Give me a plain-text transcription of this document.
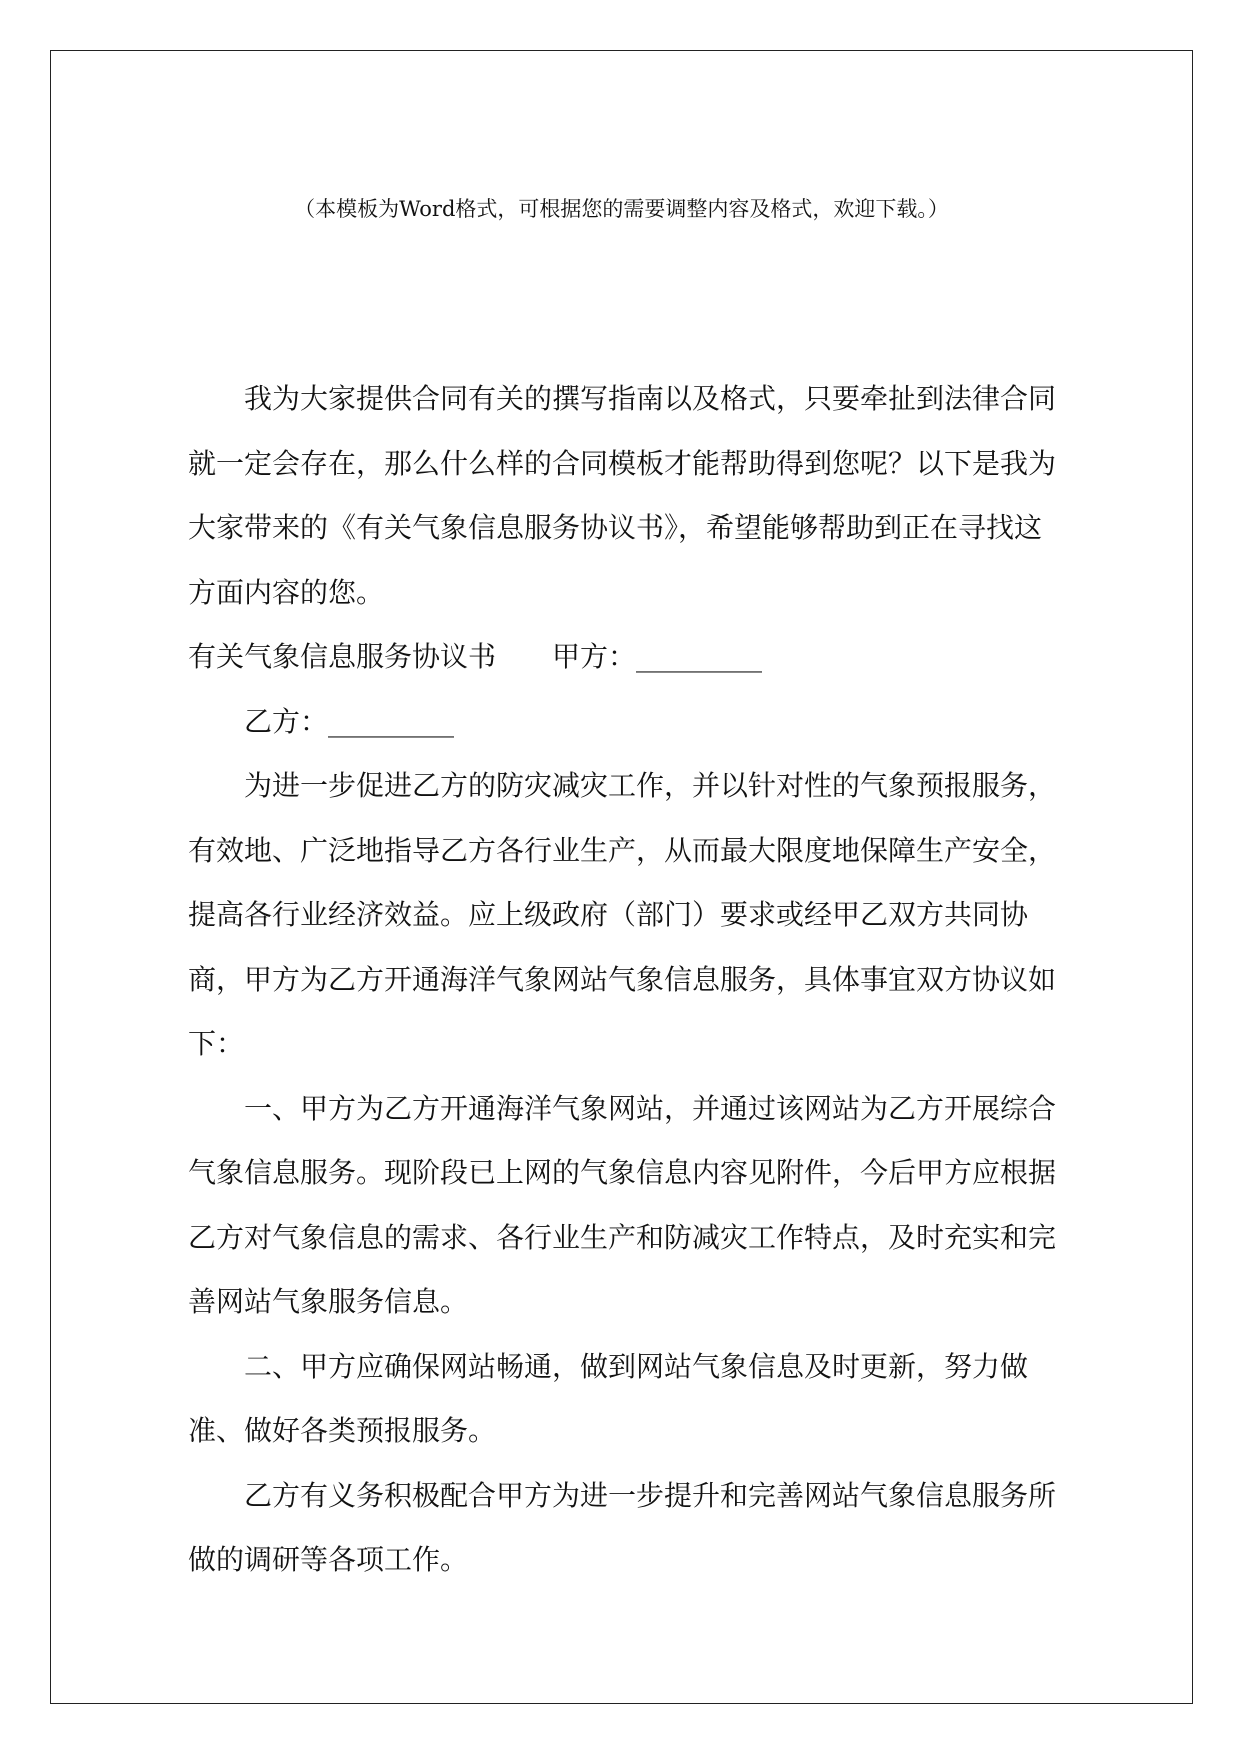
（本模板为Word格式，可根据您的需要调整内容及格式，欢迎下载。）

我为大家提供合同有关的撰写指南以及格式，只要牵扯到法律合同就一定会存在，那么什么样的合同模板才能帮助得到您呢？以下是我为大家带来的《有关气象信息服务协议书》，希望能够帮助到正在寻找这方面内容的您。

有关气象信息服务协议书 甲方：_________

乙方：_________

为进一步促进乙方的防灾减灾工作，并以针对性的气象预报服务，有效地、广泛地指导乙方各行业生产，从而最大限度地保障生产安全，提高各行业经济效益。应上级政府（部门）要求或经甲乙双方共同协商，甲方为乙方开通海洋气象网站气象信息服务，具体事宜双方协议如下：

一、甲方为乙方开通海洋气象网站，并通过该网站为乙方开展综合气象信息服务。现阶段已上网的气象信息内容见附件，今后甲方应根据乙方对气象信息的需求、各行业生产和防减灾工作特点，及时充实和完善网站气象服务信息。

二、甲方应确保网站畅通，做到网站气象信息及时更新，努力做准、做好各类预报服务。

乙方有义务积极配合甲方为进一步提升和完善网站气象信息服务所做的调研等各项工作。
